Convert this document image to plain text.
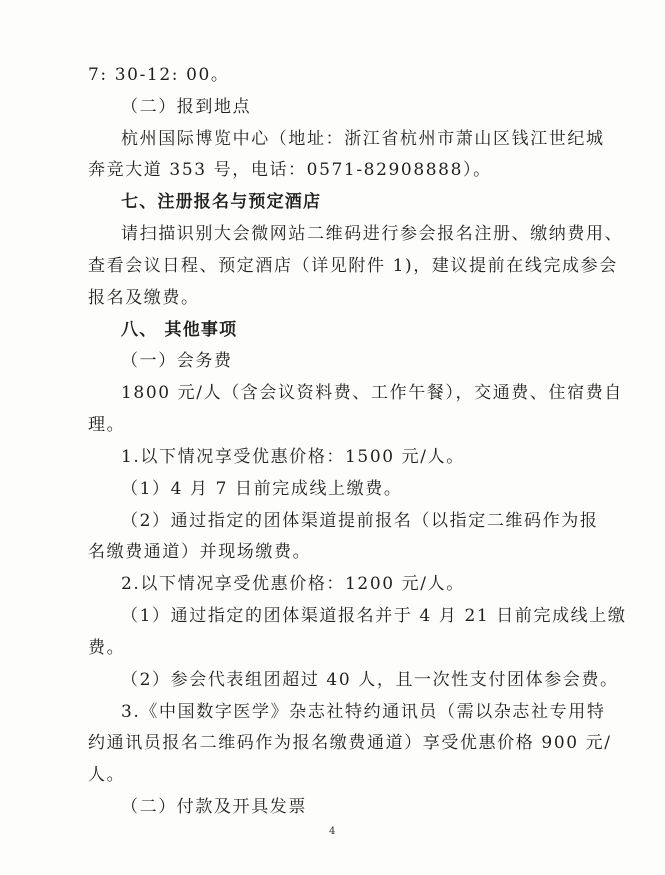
7: 30-12: 00。
（二）报到地点
杭州国际博览中心（地址：浙江省杭州市萧山区钱江世纪城
奔竞大道 353 号，电话：0571-82908888）。
七、注册报名与预定酒店
请扫描识别大会微网站二维码进行参会报名注册、缴纳费用、
查看会议日程、预定酒店（详见附件 1)，建议提前在线完成参会
报名及缴费。
八、 其他事项
（一）会务费
1800 元/人（含会议资料费、工作午餐），交通费、住宿费自
理。
1.以下情况享受优惠价格：1500 元/人。
（1）4 月 7 日前完成线上缴费。
（2）通过指定的团体渠道提前报名（以指定二维码作为报
名缴费通道）并现场缴费。
2.以下情况享受优惠价格：1200 元/人。
（1）通过指定的团体渠道报名并于 4 月 21 日前完成线上缴
费。
（2）参会代表组团超过 40 人，且一次性支付团体参会费。
3.《中国数字医学》杂志社特约通讯员（需以杂志社专用特
约通讯员报名二维码作为报名缴费通道）享受优惠价格 900 元/
人。
（二）付款及开具发票
4
